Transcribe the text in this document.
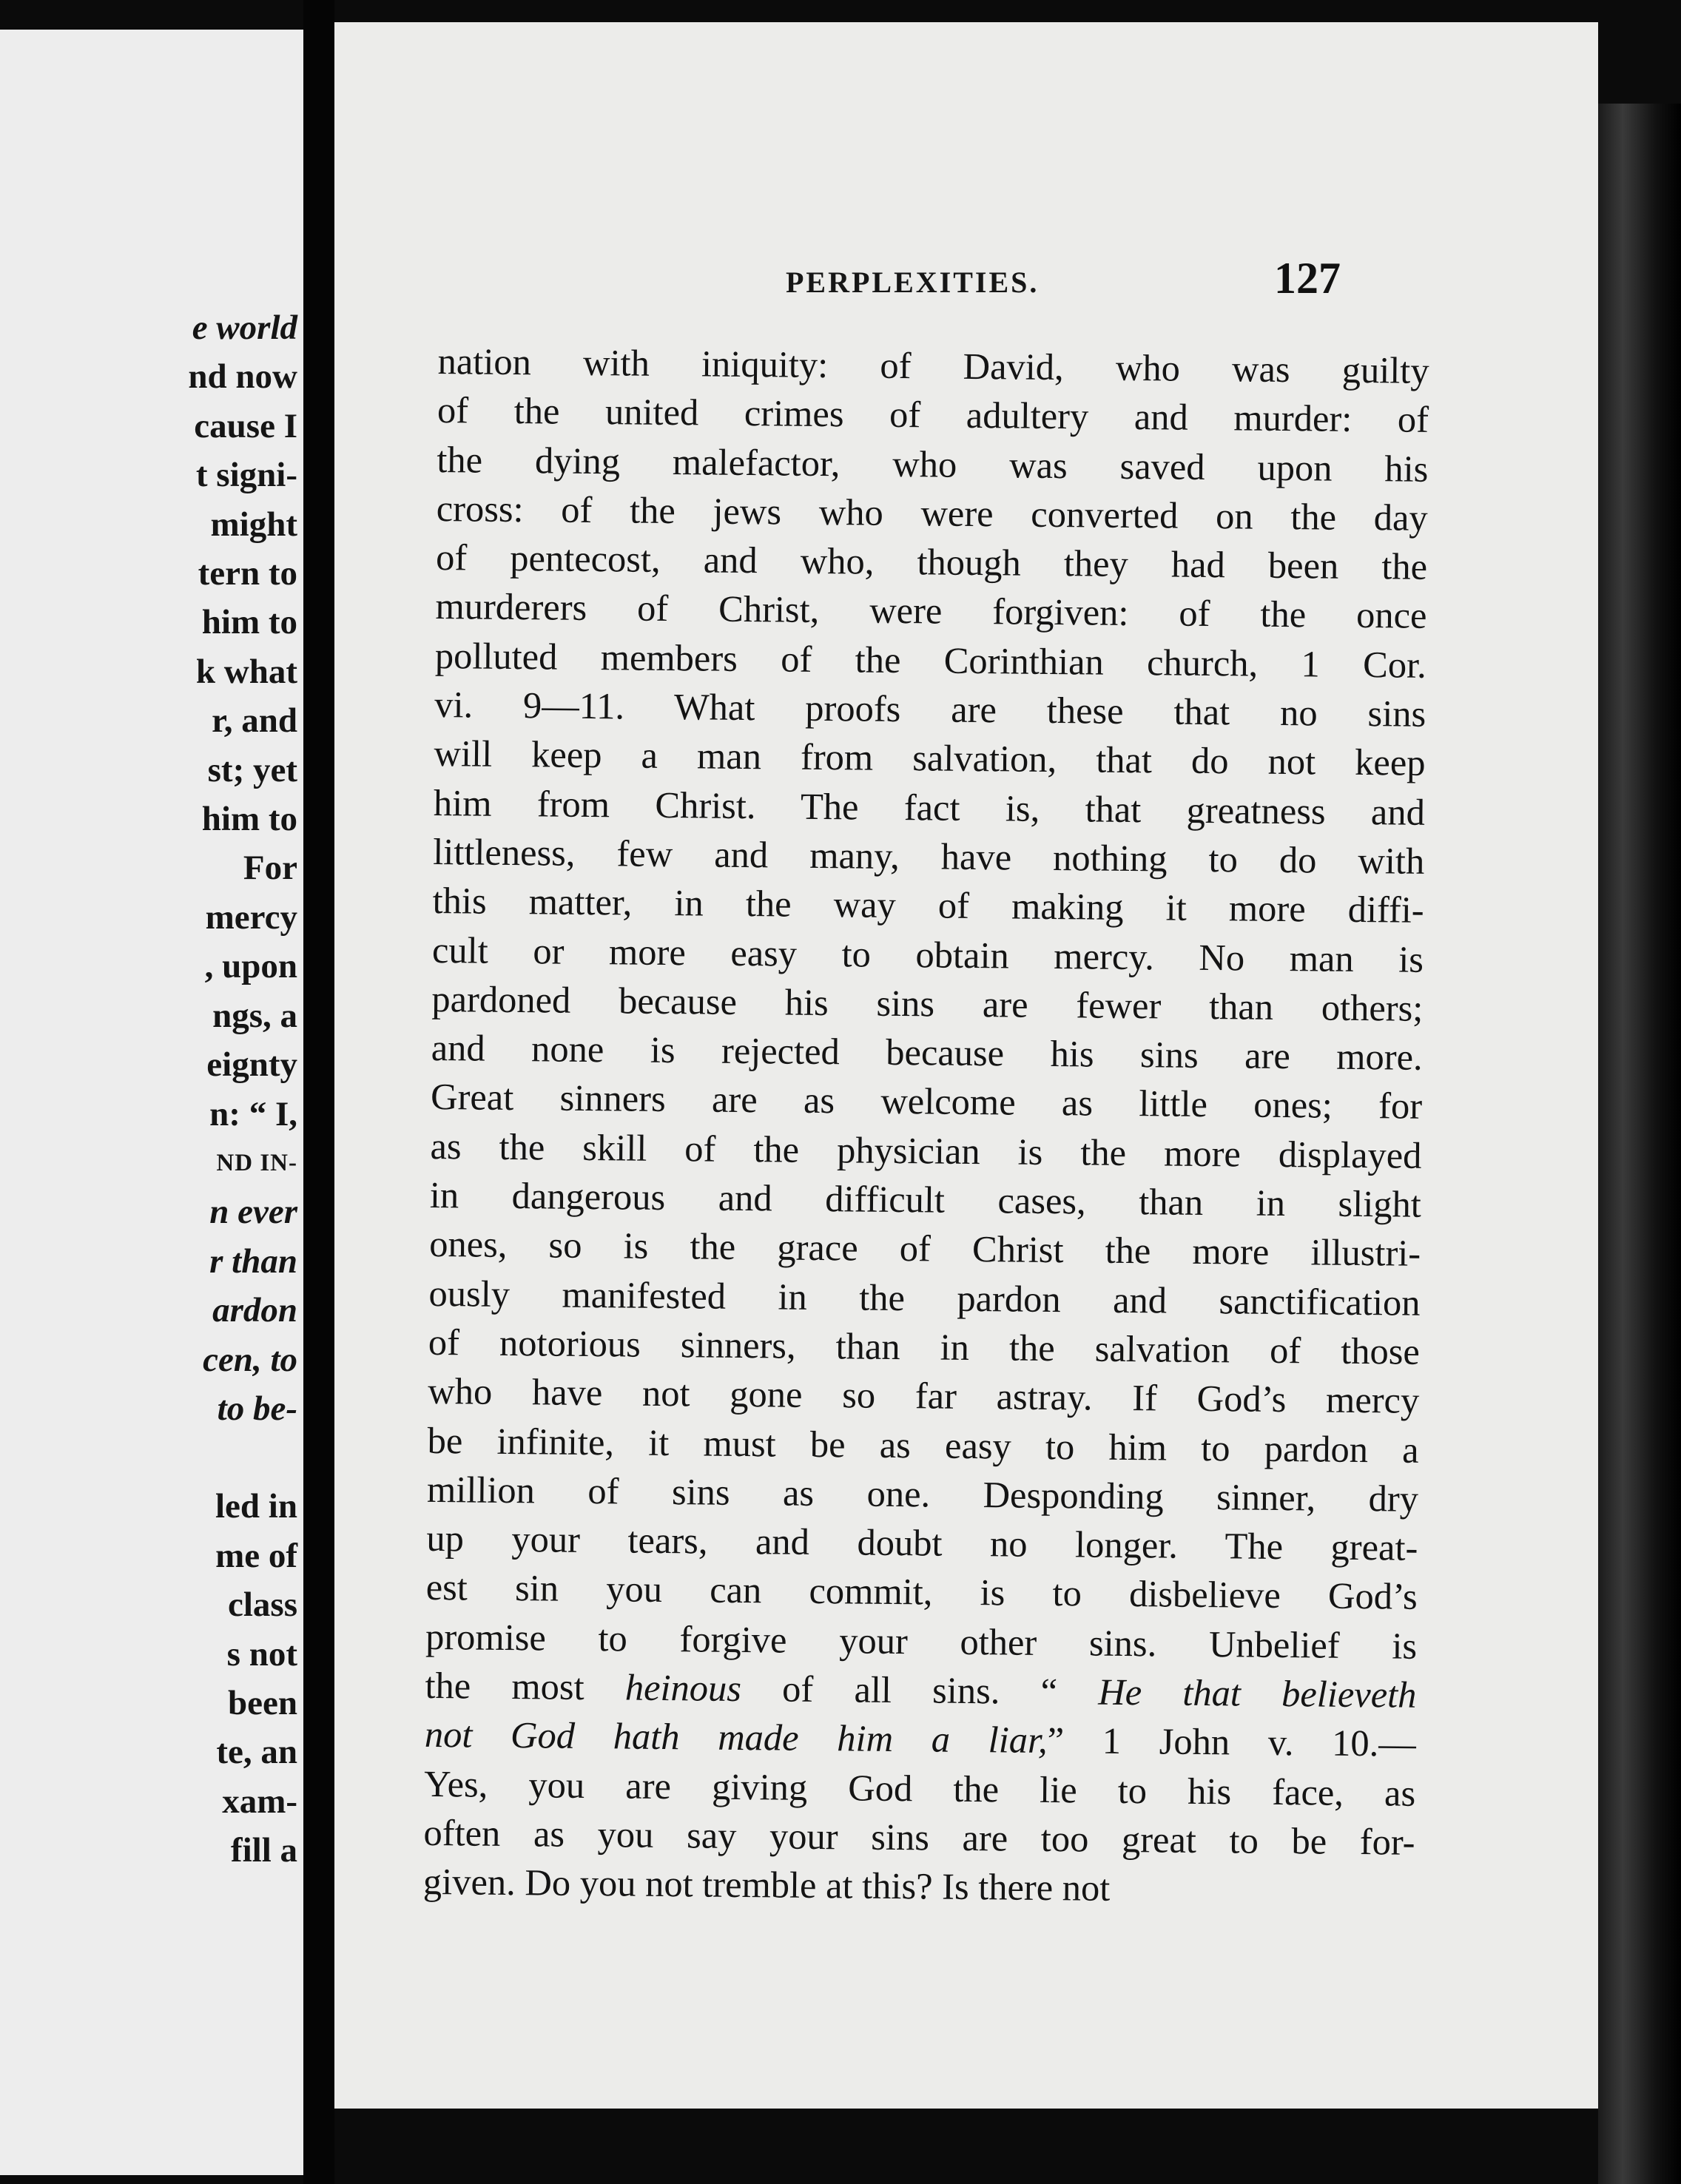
e world
nd now
cause I
t signi-
might
tern to
him to
k what
r, and
st; yet
him to
For
mercy
, upon
ngs, a
eignty
n: “ I,
ND IN-
n ever
r than
ardon
cen, to
to be-
led in
me of
class
s not
been
te, an
xam-
fill a
PERPLEXITIES.	127
nation with iniquity: of David, who was guilty
of the united crimes of adultery and murder: of
the dying malefactor, who was saved upon his
cross: of the jews who were converted on the day
of pentecost, and who, though they had been the
murderers of Christ, were forgiven: of the once
polluted members of the Corinthian church, 1 Cor.
vi. 9—11. What proofs are these that no sins
will keep a man from salvation, that do not keep
him from Christ. The fact is, that greatness and
littleness, few and many, have nothing to do with
this matter, in the way of making it more diffi-
cult or more easy to obtain mercy. No man is
pardoned because his sins are fewer than others;
and none is rejected because his sins are more.
Great sinners are as welcome as little ones; for
as the skill of the physician is the more displayed
in dangerous and difficult cases, than in slight
ones, so is the grace of Christ the more illustri-
ously manifested in the pardon and sanctification
of notorious sinners, than in the salvation of those
who have not gone so far astray. If God’s mercy
be infinite, it must be as easy to him to pardon a
million of sins as one. Desponding sinner, dry
up your tears, and doubt no longer. The great-
est sin you can commit, is to disbelieve God’s
promise to forgive your other sins. Unbelief is
the most heinous of all sins. “ He that believeth
not God hath made him a liar,” 1 John v. 10.—
Yes, you are giving God the lie to his face, as
often as you say your sins are too great to be for-
given. Do you not tremble at this? Is there not
